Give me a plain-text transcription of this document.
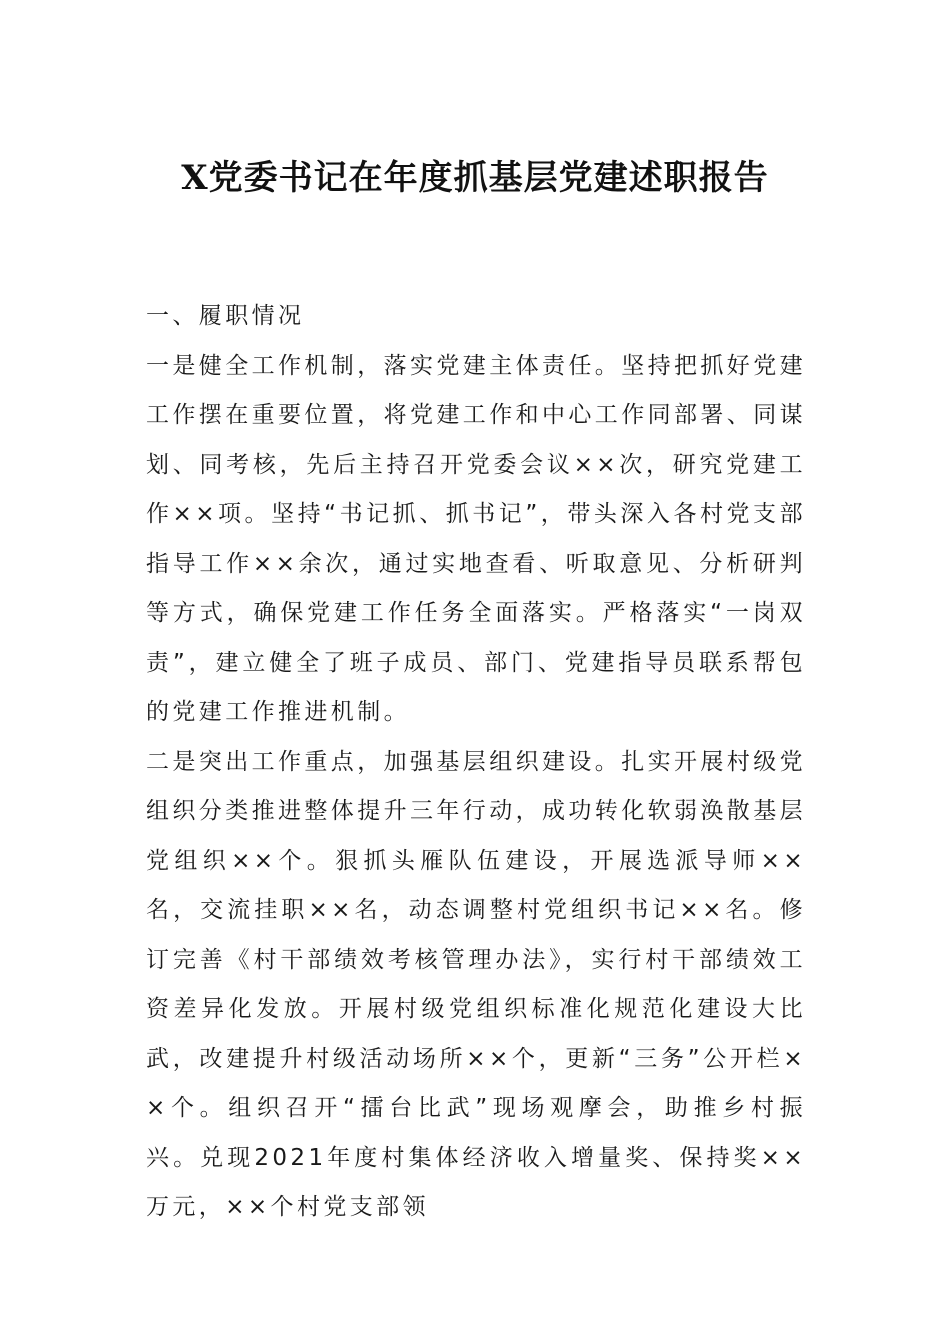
X党委书记在年度抓基层党建述职报告

一、履职情况

一是健全工作机制，落实党建主体责任。坚持把抓好党建工作摆在重要位置，将党建工作和中心工作同部署、同谋划、同考核，先后主持召开党委会议××次，研究党建工作××项。坚持“书记抓、抓书记”，带头深入各村党支部指导工作××余次，通过实地查看、听取意见、分析研判等方式，确保党建工作任务全面落实。严格落实“一岗双责”，建立健全了班子成员、部门、党建指导员联系帮包的党建工作推进机制。

二是突出工作重点，加强基层组织建设。扎实开展村级党组织分类推进整体提升三年行动，成功转化软弱涣散基层党组织××个。狠抓头雁队伍建设，开展选派导师××名，交流挂职××名，动态调整村党组织书记××名。修订完善《村干部绩效考核管理办法》，实行村干部绩效工资差异化发放。开展村级党组织标准化规范化建设大比武，改建提升村级活动场所××个，更新“三务”公开栏××个。组织召开“擂台比武”现场观摩会，助推乡村振兴。兑现2021年度村集体经济收入增量奖、保持奖××万元，××个村党支部领
